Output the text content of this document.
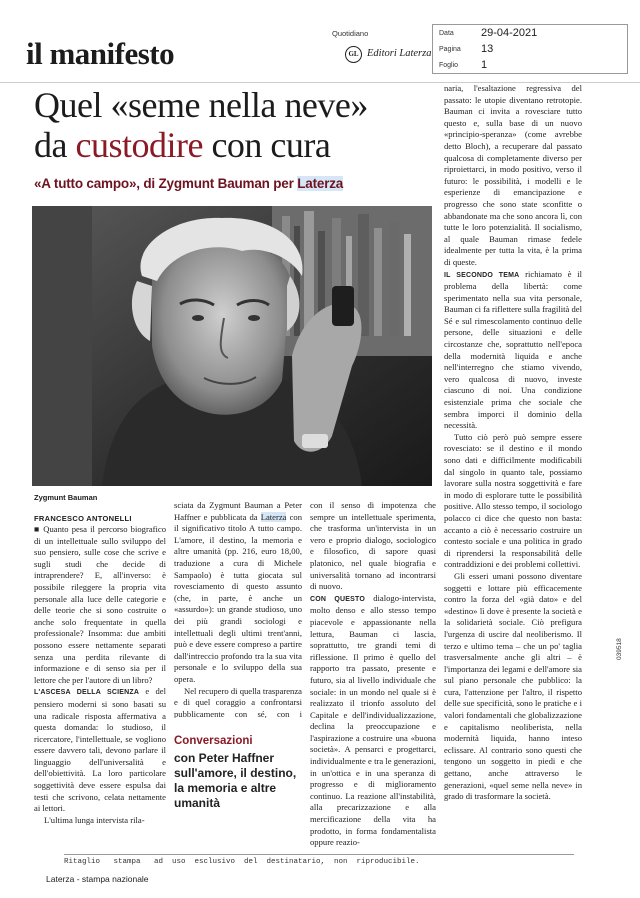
il manifesto
Quotidiano
GL Editori Laterza
Data	29-04-2021
Pagina	13
Foglio	1
Quel «seme nella neve»
da custodire con cura
«A tutto campo», di Zygmunt Bauman per Laterza
Zygmunt Bauman
FRANCESCO ANTONELLI

■ Quanto pesa il percorso biografico di un intellettuale sullo sviluppo del suo pensiero, sulle cose che scrive e sugli studi che decide di intraprendere? E, all'inverso: è possibile rileggere la propria vita personale alla luce delle categorie e delle teorie che si sono costruite o anche solo frequentate in quella professionale? Insomma: due ambiti possono essere nettamente separati senza una perdita rilevante di informazione e di senso sia per il lettore che per l'autore di un libro?

L'ASCESA DELLA SCIENZA e del pensiero moderni si sono basati su una radicale risposta affermativa a questa domanda: lo studioso, il ricercatore, l'intellettuale, se vogliono essere davvero tali, devono parlare il linguaggio dell'universalità e dell'obiettività. La loro particolare soggettività deve essere espulsa dai testi che scrivono, celata nettamente ai lettori.

L'ultima lunga intervista rila-

sciata da Zygmunt Bauman a Peter Haffner e pubblicata da Laterza con il significativo titolo A tutto campo. L'amore, il destino, la memoria e altre umanità (pp. 216, euro 18,00, traduzione a cura di Michele Sampaolo) è tutta giocata sul rovesciamento di questo assunto (che, in parte, è anche un «assurdo»): un grande studioso, uno dei più grandi sociologi e intellettuali degli ultimi trent'anni, può e deve essere compreso a partire dall'intreccio profondo tra la sua vita personale e lo sviluppo della sua opera.

Nel recupero di quella trasparenza e di quel coraggio a confrontarsi pubblicamente con sé, con i

Conversazioni
con Peter Haffner sull'amore, il destino, la memoria e altre umanità

con il senso di impotenza che sempre un intellettuale sperimenta, che trasforma un'intervista in un vero e proprio dialogo, sociologico e filosofico, di sapore quasi platonico, nel quale biografia e universalità tornano ad incontrarsi di nuovo.

CON QUESTO dialogo-intervista, molto denso e allo stesso tempo piacevole e appassionante nella lettura, Bauman ci lascia, soprattutto, tre grandi temi di riflessione. Il primo è quello del rapporto tra passato, presente e futuro, sia al livello individuale che sociale: in un mondo nel quale si è realizzato il trionfo assoluto del Capitale e dell'individualizzazione, declina la preoccupazione e l'aspirazione a costruire una «buona società». A pensarci e progettarci, individualmente e tra le generazioni, in un'ottica e in una speranza di progresso e di miglioramento continuo. La reazione all'instabilità, alla precarizzazione e alla mercificazione della vita ha prodotto, in forma fondamentalista oppure reazio-

naria, l'esaltazione regressiva del passato: le utopie diventano retrotopie. Bauman ci invita a rovesciare tutto questo e, sulla base di un nuovo «principio-speranza» (come avrebbe detto Bloch), a recuperare dal passato qualcosa di completamente diverso per riproiettarci, in modo positivo, verso il futuro: le possibilità, i modelli e le esperienze di emancipazione e progresso che sono state sconfitte o abbandonate ma che sono ancora lì, con tutte le loro potenzialità. Il socialismo, al quale Bauman rimase fedele idealmente per tutta la vita, è la prima di queste.

IL SECONDO TEMA richiamato è il problema della libertà: come sperimentato nella sua vita personale, Bauman ci fa riflettere sulla fragilità del Sé e sul rimescolamento continuo delle persone, delle situazioni e delle circostanze che, soprattutto nell'epoca della modernità liquida e anche nell'interregno che stiamo vivendo, vero qualcosa di nuovo, investe ciascuno di noi. Una condizione esistenziale prima che sociale che sembra imporci il dominio della necessità.

Tutto ciò però può sempre essere rovesciato: se il destino e il mondo sono dati e difficilmente modificabili dal singolo in quanto tale, possiamo lavorare sulla nostra soggettività e fare in modo di esplorare tutte le possibilità positive. Allo stesso tempo, il sociologo polacco ci dice che questo non basta: accanto a ciò è necessario costruire un contesto sociale e una politica in grado di riprendersi la responsabilità delle contraddizioni e dei problemi collettivi.

Gli esseri umani possono diventare soggetti e lottare più efficacemente contro la forza del «già dato» e del «destino» lì dove è presente la società e la solidarietà sociale. Ciò prefigura l'urgenza di uscire dal neoliberismo. Il terzo e ultimo tema – che un po' taglia trasversalmente anche gli altri – è l'importanza dei legami e dell'amore sia sul piano personale che pubblico: la cura, l'attenzione per l'altro, il rispetto delle sue specificità, sono le pratiche e i valori fondamentali che globalizzazione e capitalismo neoliberista, nella modernità liquida, hanno inteso eclissare. Al contrario sono questi che tengono un soggetto in piedi e che gettano, anche attraverso le generazioni, «quel seme nella neve» in grado di trasformare la società.

Ritaglio   stampa   ad  uso  esclusivo  del  destinatario,  non  riproducibile.
Laterza - stampa nazionale
039518
